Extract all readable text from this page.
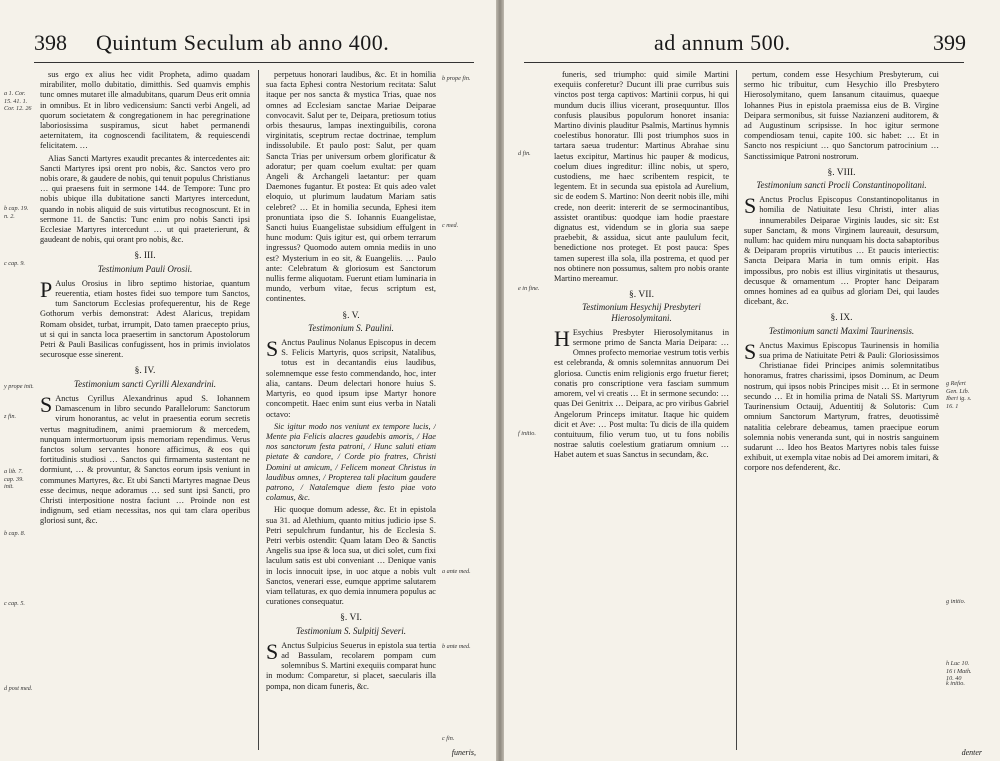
398 Quintum Seculum ab anno 400.
a 1. Cor. 15. 41. 1. Cor. 12. 26
b cap. 19. n. 2.
c cap. 9.
y prope init.
z fin.
a lib. 7. cap. 39. init.
b cap. 8.
c cap. 5.
d post med.

sus ergo ex alius hec vidit Propheta, adimo quadam mirabiliter, mollo dubitatio, dimitthis. Sed quamvis emphis tunc omnes mutaret ille almadubitans, quarum Deus erit omnia in omnibus. Et in libro vedicensium: Sancti verbi Angeli, ad quorum societatem & congregationem in hac peregrinatione laboriosissima suspiramus, sicut habet permanendi aeternitatem, ita cognoscendi facilitatem, & requiescendi felicitatem. …

Alias Sancti Martyres exaudit precantes & intercedentes ait: Sancti Martyres ipsi orent pro nobis, &c. Sanctos vero pro nobis orare, & gaudere de nobis, qui tenuit populus Christianus … qui praesens fuit in sermone 144. de Tempore: Tunc pro nobis ubique illa dubitatione sancti Martyres intercedunt, quando in nobis aliquid de suis virtutibus recognoscunt. Et in sermone 11. de Sanctis: Tunc enim pro nobis Sancti ipsi Ecclesiae Martyres intercedunt … ut qui praeterierunt, & gaudeant de nobis, qui orant pro nobis, &c.

§. III.

Testimonium Pauli Orosii.

P Aulus Orosius in libro septimo historiae, quantum reuerentia, etiam hostes fidei suo tempore tum Sanctos, tum Sanctorum Ecclesias profequerentur, his de Rege Gothorum verbis demonstrat: Adest Alaricus, trepidam Romam obsidet, turbat, irrumpit, Dato tamen praecepto prius, ut si qui in sancta loca praesertim in sanctorum Apostolorum Petri & Pauli Basilicas confugissent, hos in primis inviolatos securosque esse sinerent.

§. IV.

Testimonium sancti Cyrilli Alexandrini.

S Anctus Cyrillus Alexandrinus apud S. Iohannem Damascenum in libro secundo Parallelorum: Sanctorum virum honorantus, ac velut in praesentia eorum secretis vertus magnitudinem, animi praemiorum & mercedem, nunquam intermortuorum ipsis memoriam rependimus. Verus fanctos solum servantes honore afficimus, & eos qui fortitudinis studiosi … Sanctos qui firmamenta sustentant ne dormiunt, … & provuntur, & Sanctos eorum ipsis veniunt in communes Martyres, &c. Et ubi Sancti Martyres magnae Deus esse decimus, neque adoramus … sed sunt ipsi Sancti, pro Christi interpositione nostra faciunt … Proinde non est indignum, sed etiam necessitas, nos qui tam clara operibus gloriosi sunt, &c.

perpetuus honorari laudibus, &c. Et in homilia sua facta Ephesi contra Nestorium recitata: Salut itaque per nos sancta & mystica Trias, quae nos omnes ad Ecclesiam sanctae Mariae Deiparae convocavit. Salut per te, Deipara, pretiosum totius orbis thesaurus, lampas inextinguibilis, corona virginitatis, sceptrum rectae doctrinae, templum indissolubile. Et paulo post: Salut, per quam Sancta Trias per universum orbem glorificatur & adoratur; per quam coelum exultat: per quam Angeli & Archangeli laetantur: per quam Daemones fugantur. Et postea: Et quis adeo valet eloquio, ut plurimum laudatum Mariam satis celebret? … Et in homilia secunda, Ephesi item pronuntiata ipso die S. Iohannis Euangelistae, Sancti huius Euangelistae subsidium effulgent in hunc modum: Quis igitur est, qui orbem terrarum ingressus? Quomodo autem omnia mediis in uno est? Mysterium in eo sit, & Euangeliis. … Paulo ante: Celebratum & gloriosum est Sanctorum nullis ferme aliquotam. Fuerunt etiam luminaria in mundo, verbum vitae, fecus scriptum est, continentes.

§. V.

Testimonium S. Paulini.

S Anctus Paulinus Nolanus Episcopus in decem S. Felicis Martyris, quos scripsit, Natalibus, totus est in decantandis eius laudibus, solemnemque esse festo commendando, hoc, inter alia, cantans. Deum delectari honore huius S. Martyris, eo quod ipsum ipse Martyr honore concompetit. Haec enim sunt eius verba in Natali octavo:

Sic igitur modo nos veniunt ex tempore lucis, / Mente pia Felicis alacres gaudebis amoris, / Hae nos sanctorum festa patroni, / Hunc saluti etiam pietate & candore, / Corde pio fratres, Christi Domini ut amicum, / Felicem moneat Christus in laudibus omnes, / Propterea tali placitum gaudere patrono, / Natalemque diem festo piae voto colamus, &c.

Hic quoque domum adesse, &c. Et in epistola sua 31. ad Alethium, quanto mitius judicio ipse S. Petri sepulchrum fundantur, his de Ecclesia S. Petri verbis ostendit: Quam latam Deo & Sanctis Angelis sua ipse & loca sua, ut dici solet, cum fixi laculum satis est ubi conveniant … Denique vanis in locis innocuit ipse, in uoc atque a nobis vult Sanctos, venerari esse, eumque apprime salutarem viam tellaturas, ex quo demia innumera populus ac curationes consequatur.

§. VI.

Testimonium S. Sulpitij Severi.

S Anctus Sulpicius Seuerus in epistola sua tertia ad Bassulam, recolarem pompam cum solemnibus S. Martini exequiis comparat hunc in modum: Comparetur, si placet, saecularis illa pompa, non dicam funeris, &c.

b prope fin.
c med.
a ante med.
b ante med.
c fin.
funeris,
ad annum 500.	399
d fin.
e in fine.
f initio.

funeris, sed triumpho: quid simile Martini exequiis conferetur? Ducunt illi prae curribus suis vinctos post terga captivos: Martinii corpus, hi qui mundum ducis illius vicerant, prosequuntur. Illos confusis plausibus populorum honoret insania: Martino divinis plauditur Psalmis, Martinus hymnis coelestibus honoratur. Illi post triumphos suos in tartara saeua trudentur: Martinus Abrahae sinu laetus excipitur, Martinus hic pauper & modicus, coelum diues ingreditur: illinc nobis, ut spero, custodiens, me haec scribentem respicit, te legentem. Et in secunda sua epistola ad Aurelium, sic de eodem S. Martino: Non deerit nobis ille, mihi crede, non deerit: intererit de se sermocinantibus, assistet orantibus: quodque iam hodie praestare dignatus est, videndum se in gloria sua saepe praebebit, & assidua, sicut ante paululum fecit, benedictione nos proteget. Et post pauca: Spes tamen superest illa sola, illa postrema, et quod per nos obtinere non possumus, saltem pro nobis orante Martino mereamur.

§. VII.

Testimonium Hesychij Presbyteri Hierosolymitani.

H Esychius Presbyter Hierosolymitanus in sermone primo de Sancta Maria Deipara: … Omnes profecto memoriae vestrum totis verbis est celebranda, & omnis solemnitas annuorum Dei gloriosa. Cunctis enim religionis ergo fruetur fieret; conatis pro conscriptione vera fasciam summum amorem, vel vi creatis … Et in sermone secundo: … quas Dei Genitrix … Deipara, ac pro viribus Gabriel Angelorum Princeps imitatur. Itaque hic quidem dicit et Ave: … Post multa: Tu dicis de illa quidem contuituum, filio verum tuo, ut tu fons nobilis nostrae salutis coelestium gratiarum omnium … Habet autem et suas Sanctus in secundam, &c.

pertum, condem esse Hesychium Presbyterum, cui sermo hic tribuitur, cum Hesychio illo Presbytero Hierosolymitano, quem Iansanum citauimus, quaeque Iohannes Pius in epistola praemissa eius de B. Virgine Deipara sermonibus, sit fuisse Nazianzeni auditorem, & ad Augustinum scripsisse. In hoc igitur sermone compendiosam tenui, capite 100. sic habet: … Et in Sancto nos respiciunt … quo Sanctorum patrocinium … Sanctissimique Patroni nostrorum.

§. VIII.

Testimonium sancti Procli Constantinopolitani.

S Anctus Proclus Episcopus Constantinopolitanus in homilia de Natiuitate Iesu Christi, inter alias innumerabiles Deiparae Virginis laudes, sic sit: Est super Sanctam, & mons Virginem laureauit, desursum, nullum: hac quidem miru nunquam his docta sabaptoribus & Deiparam propriis virtutibus … Et paucis interiectis: Sancta Deipara Maria in tum omnis eripit. Has impossibus, pro nobis est illius virginitatis ut thesaurus, decusque & ornamentum … Propter hanc Deiparam omnes homines ad ea quibus ad gloriam Dei, qui laudes dicebant, &c.

§. IX.

Testimonium sancti Maximi Taurinensis.

S Anctus Maximus Episcopus Taurinensis in homilia sua prima de Natiuitate Petri & Pauli: Gloriosissimos Christianae fidei Principes animis solemnitatibus honoramus, fratres charissimi, ipsos Dominum, ac Deum nostrum, qui ipsos nobis Principes misit … Et in sermone secundo … Et in homilia prima de Natali SS. Martyrum Taurinensium Octauij, Aduentitij & Solutoris: Cum omnium Sanctorum Martyrum, fratres, deuotissimè natalitia celebrare debeamus, tamen praecipue eorum solemnia nobis veneranda sunt, qui in nostris sanguinem sudarunt … Ideo hos Beatos Martyres nobis tales fuisse exhibuit, ut exempla vitae nobis ad Dei amorem imitari, & corpore nos defenderent, &c.

g Refert Gen. Lib. Iberi ig. s. 16. 1
g initio.
h Luc 10. 16 i Math. 10. 40
k initio.
denter
